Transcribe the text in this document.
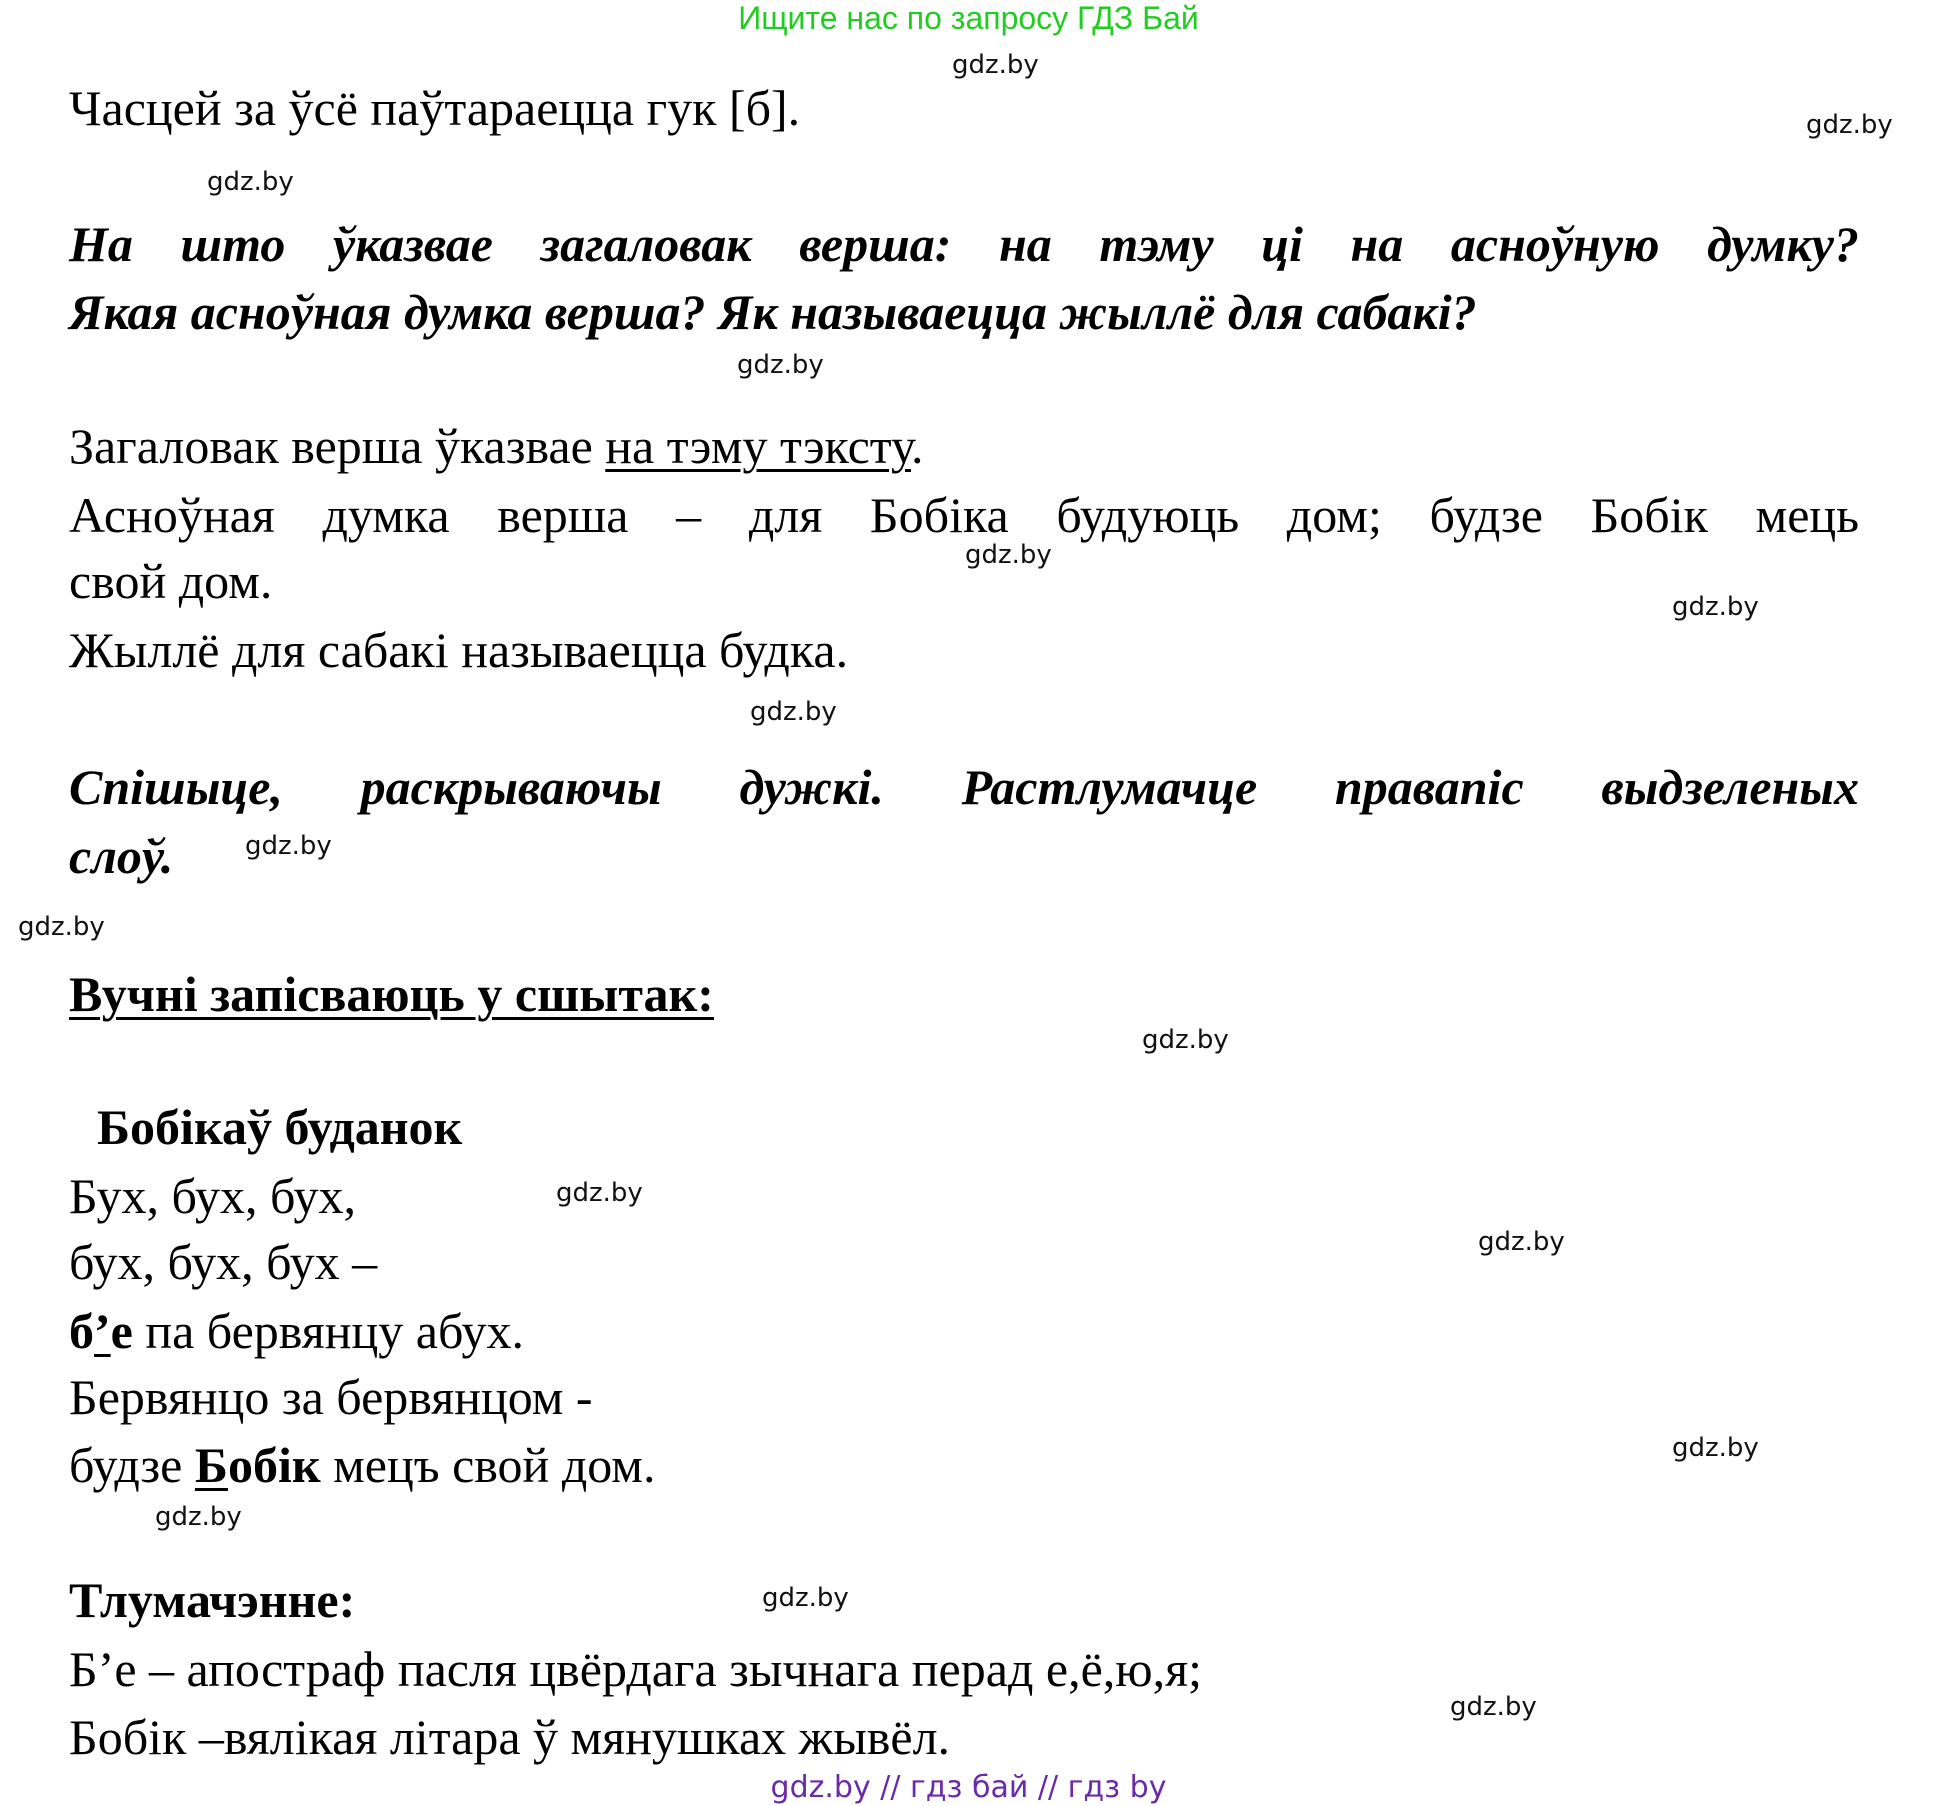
Ищите нас по запросу ГДЗ Бай
Часцей за ўсё паўтараецца гук [б].
На што ўказвае загаловак верша: на тэму ці на асноўную думку?
Якая асноўная думка верша? Як называецца жыллё для сабакі?
Загаловак верша ўказвае на тэму тэксту.
Асноўная думка верша – для Бобіка будуюць дом; будзе Бобік мець
свой дом.
Жыллё для сабакі называецца будка.
Спішыце, раскрываючы дужкі. Растлумачце правапіс выдзеленых
слоў.
Вучні запісваюць у сшытак:
Бобікаў буданок
Бух, бух, бух,
бух, бух, бух –
б’е па бервянцу абух.
Бервянцо за бервянцом -
будзе Бобік мецъ свой дом.
Тлумачэнне:
Б’е – апостраф пасля цвёрдага зычнага перад е,ё,ю,я;
Бобік –вялікая літара ў мянушках жывёл.
gdz.by
gdz.by
gdz.by
gdz.by
gdz.by
gdz.by
gdz.by
gdz.by
gdz.by
gdz.by
gdz.by
gdz.by
gdz.by
gdz.by
gdz.by
gdz.by
gdz.by // гдз бай // гдз by
